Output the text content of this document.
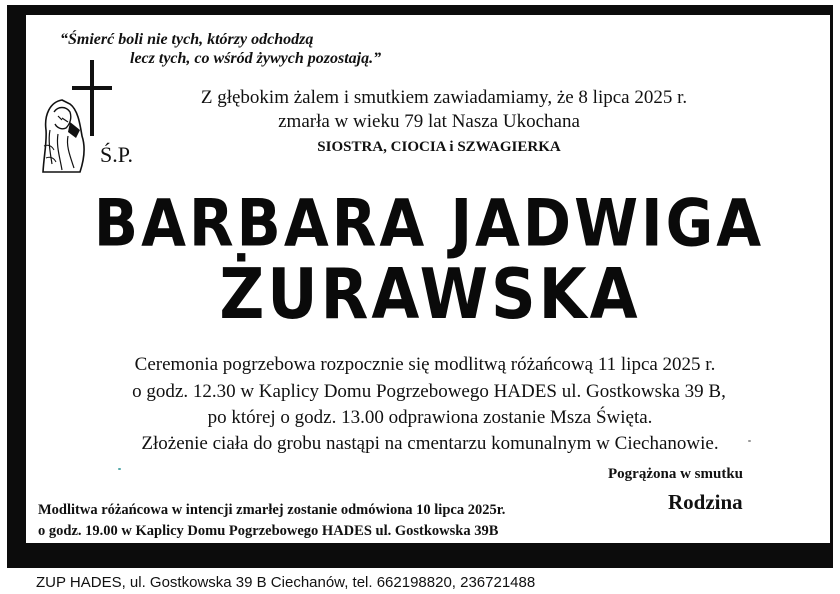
“Śmierć boli nie tych, którzy odchodzą
lecz tych, co wśród żywych pozostają.”
Ś.P.
Z głębokim żalem i smutkiem zawiadamiamy, że 8 lipca 2025 r.
zmarła w wieku 79 lat Nasza Ukochana
SIOSTRA, CIOCIA i SZWAGIERKA
BARBARA JADWIGA
ŻURAWSKA
Ceremonia pogrzebowa rozpocznie się modlitwą różańcową 11 lipca 2025 r.
o godz. 12.30 w Kaplicy Domu Pogrzebowego HADES ul. Gostkowska 39 B,
po której o godz. 13.00 odprawiona zostanie Msza Święta.
Złożenie ciała do grobu nastąpi na cmentarzu komunalnym w Ciechanowie.
Pogrążona w smutku
Rodzina
Modlitwa różańcowa w intencji zmarłej zostanie odmówiona 10 lipca 2025r.
o godz. 19.00 w Kaplicy Domu Pogrzebowego HADES ul. Gostkowska 39B
ZUP HADES, ul. Gostkowska 39 B Ciechanów, tel. 662198820, 236721488
